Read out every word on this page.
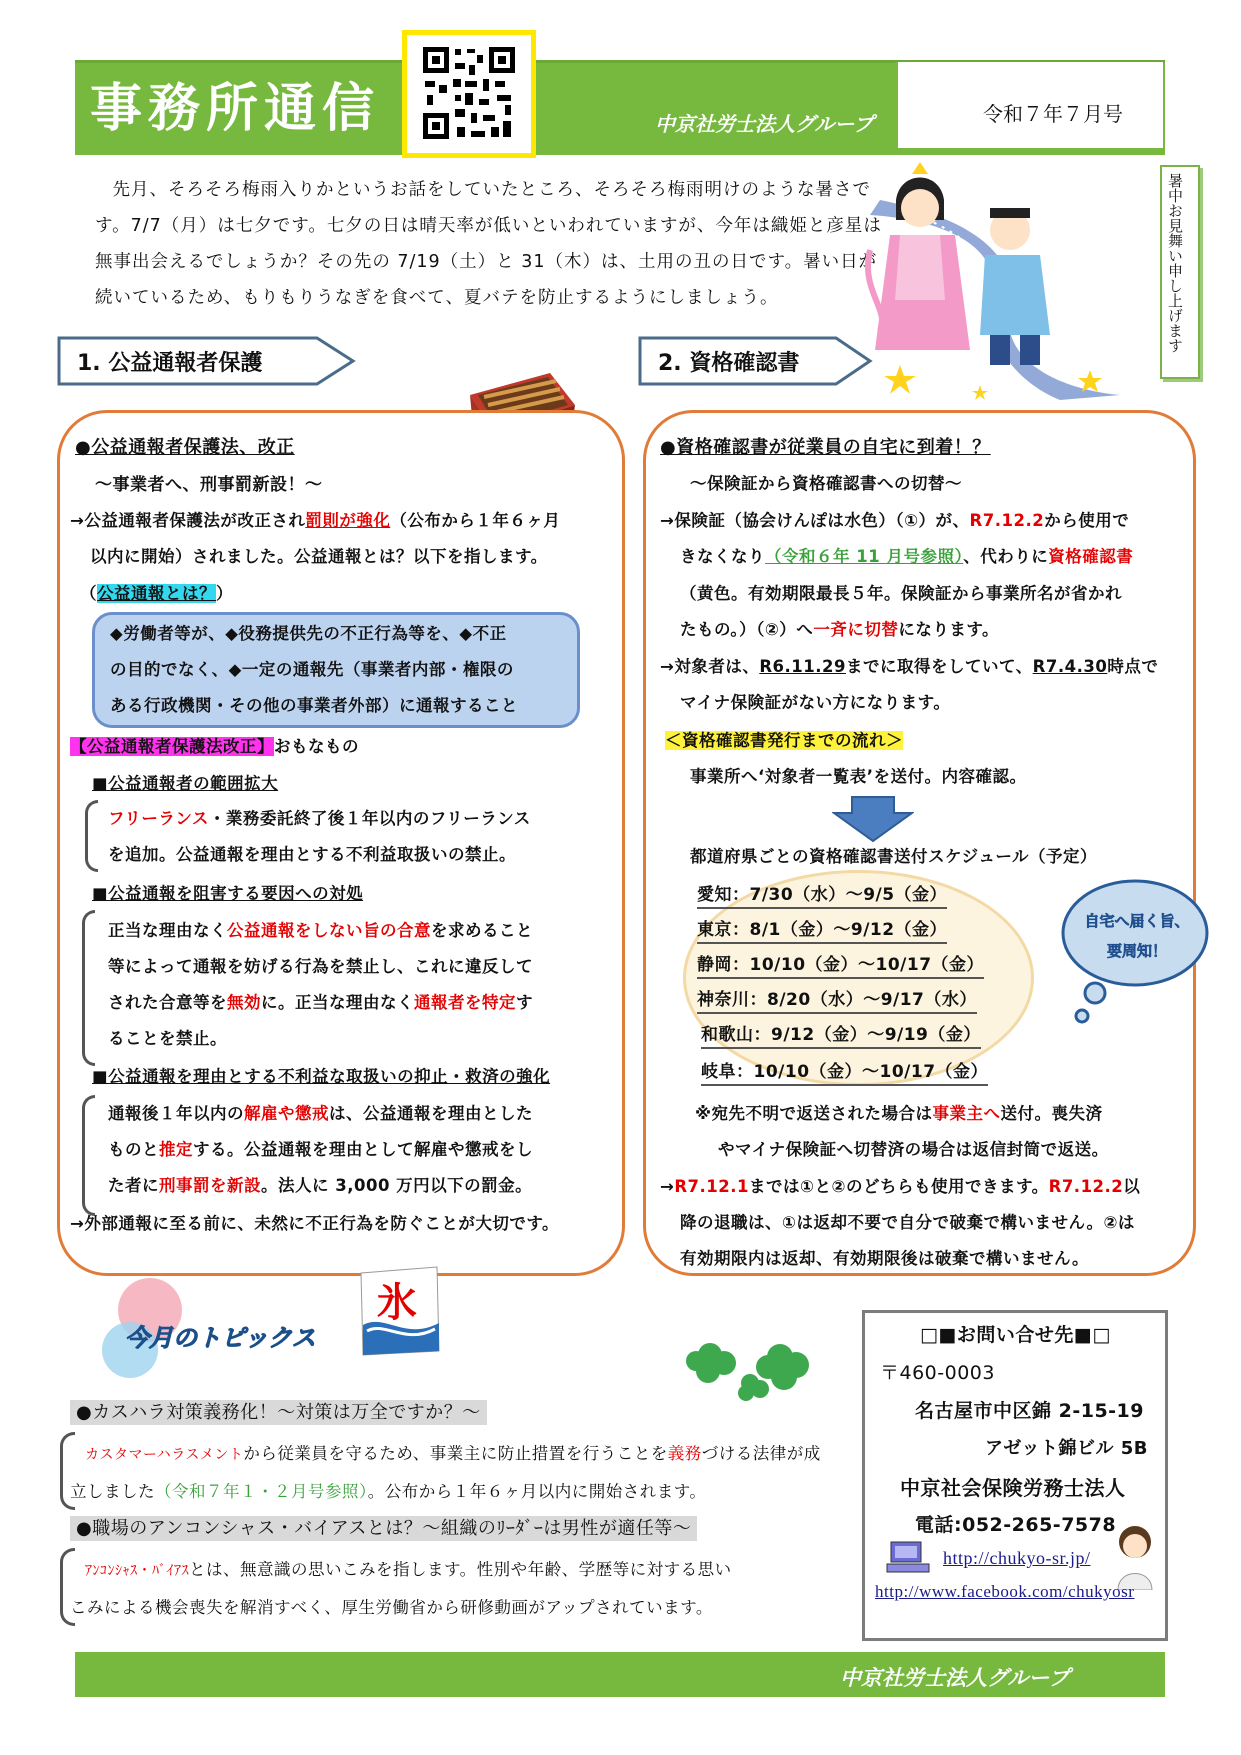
事務所通信	中京社労士法人グループ	令和７年７月号

先月、そろそろ梅雨入りかというお話をしていたところ、そろそろ梅雨明けのような暑さです。7/7（月）は七夕です。七夕の日は晴天率が低いといわれていますが、今年は織姫と彦星は無事出会えるでしょうか？その先の 7/19（土）と 31（木）は、土用の丑の日です。暑い日が続いているため、もりもりうなぎを食べて、夏バテを防止するようにしましょう。	暑中お見舞い申し上げます
1. 公益通報者保護	2. 資格確認書
●公益通報者保護法、改正
～事業者へ、刑事罰新設！～
→公益通報者保護法が改正され罰則が強化（公布から１年６ヶ月
以内に開始）されました。公益通報とは？以下を指します。
（公益通報とは？）
◆労働者等が、◆役務提供先の不正行為等を、◆不正
の目的でなく、◆一定の通報先（事業者内部・権限の
ある行政機関・その他の事業者外部）に通報すること
【公益通報者保護法改正】おもなもの
■公益通報者の範囲拡大
フリーランス・業務委託終了後１年以内のフリーランス
を追加。公益通報を理由とする不利益取扱いの禁止。
■公益通報を阻害する要因への対処
正当な理由なく公益通報をしない旨の合意を求めること
等によって通報を妨げる行為を禁止し、これに違反して
された合意等を無効に。正当な理由なく通報者を特定す
ることを禁止。
■公益通報を理由とする不利益な取扱いの抑止・救済の強化
通報後１年以内の解雇や懲戒は、公益通報を理由とした
ものと推定する。公益通報を理由として解雇や懲戒をし
た者に刑事罰を新設。法人に 3,000 万円以下の罰金。
→外部通報に至る前に、未然に不正行為を防ぐことが大切です。
●資格確認書が従業員の自宅に到着！？
～保険証から資格確認書への切替～
→保険証（協会けんぽは水色）（①）が、R7.12.2から使用で
きなくなり（令和６年 11 月号参照）、代わりに資格確認書
（黄色。有効期限最長５年。保険証から事業所名が省かれ
たもの。）（②）へ一斉に切替になります。
→対象者は、R6.11.29までに取得をしていて、R7.4.30時点で
マイナ保険証がない方になります。
＜資格確認書発行までの流れ＞
事業所へ‘対象者一覧表’を送付。内容確認。
都道府県ごとの資格確認書送付スケジュール（予定）
愛知：7/30（水）～9/5（金）
東京：8/1（金）～9/12（金）
静岡：10/10（金）～10/17（金）
神奈川：8/20（水）～9/17（水）
和歌山：9/12（金）～9/19（金）
岐阜：10/10（金）～10/17（金）
自宅へ届く旨、要周知！
※宛先不明で返送された場合は事業主へ送付。喪失済
やマイナ保険証へ切替済の場合は返信封筒で返送。
→R7.12.1までは①と②のどちらも使用できます。R7.12.2以
降の退職は、①は返却不要で自分で破棄で構いません。②は
有効期限内は返却、有効期限後は破棄で構いません。
今月のトピックス
氷
●カスハラ対策義務化！～対策は万全ですか？～
カスタマーハラスメントから従業員を守るため、事業主に防止措置を行うことを義務づける法律が成
立しました（令和７年１・２月号参照）。公布から１年６ヶ月以内に開始されます。
●職場のアンコンシャス・バイアスとは？～組織のﾘｰﾀﾞｰは男性が適任等～
ｱﾝｺﾝｼｬｽ・ﾊﾞｲｱｽとは、無意識の思いこみを指します。性別や年齢、学歴等に対する思い
こみによる機会喪失を解消すべく、厚生労働省から研修動画がアップされています。
□■お問い合せ先■□
〒460-0003
名古屋市中区錦 2-15-19
アゼット錦ビル 5B
中京社会保険労務士法人
電話:052-265-7578
http://chukyo-sr.jp/
http://www.facebook.com/chukyosr
中京社労士法人グループ
